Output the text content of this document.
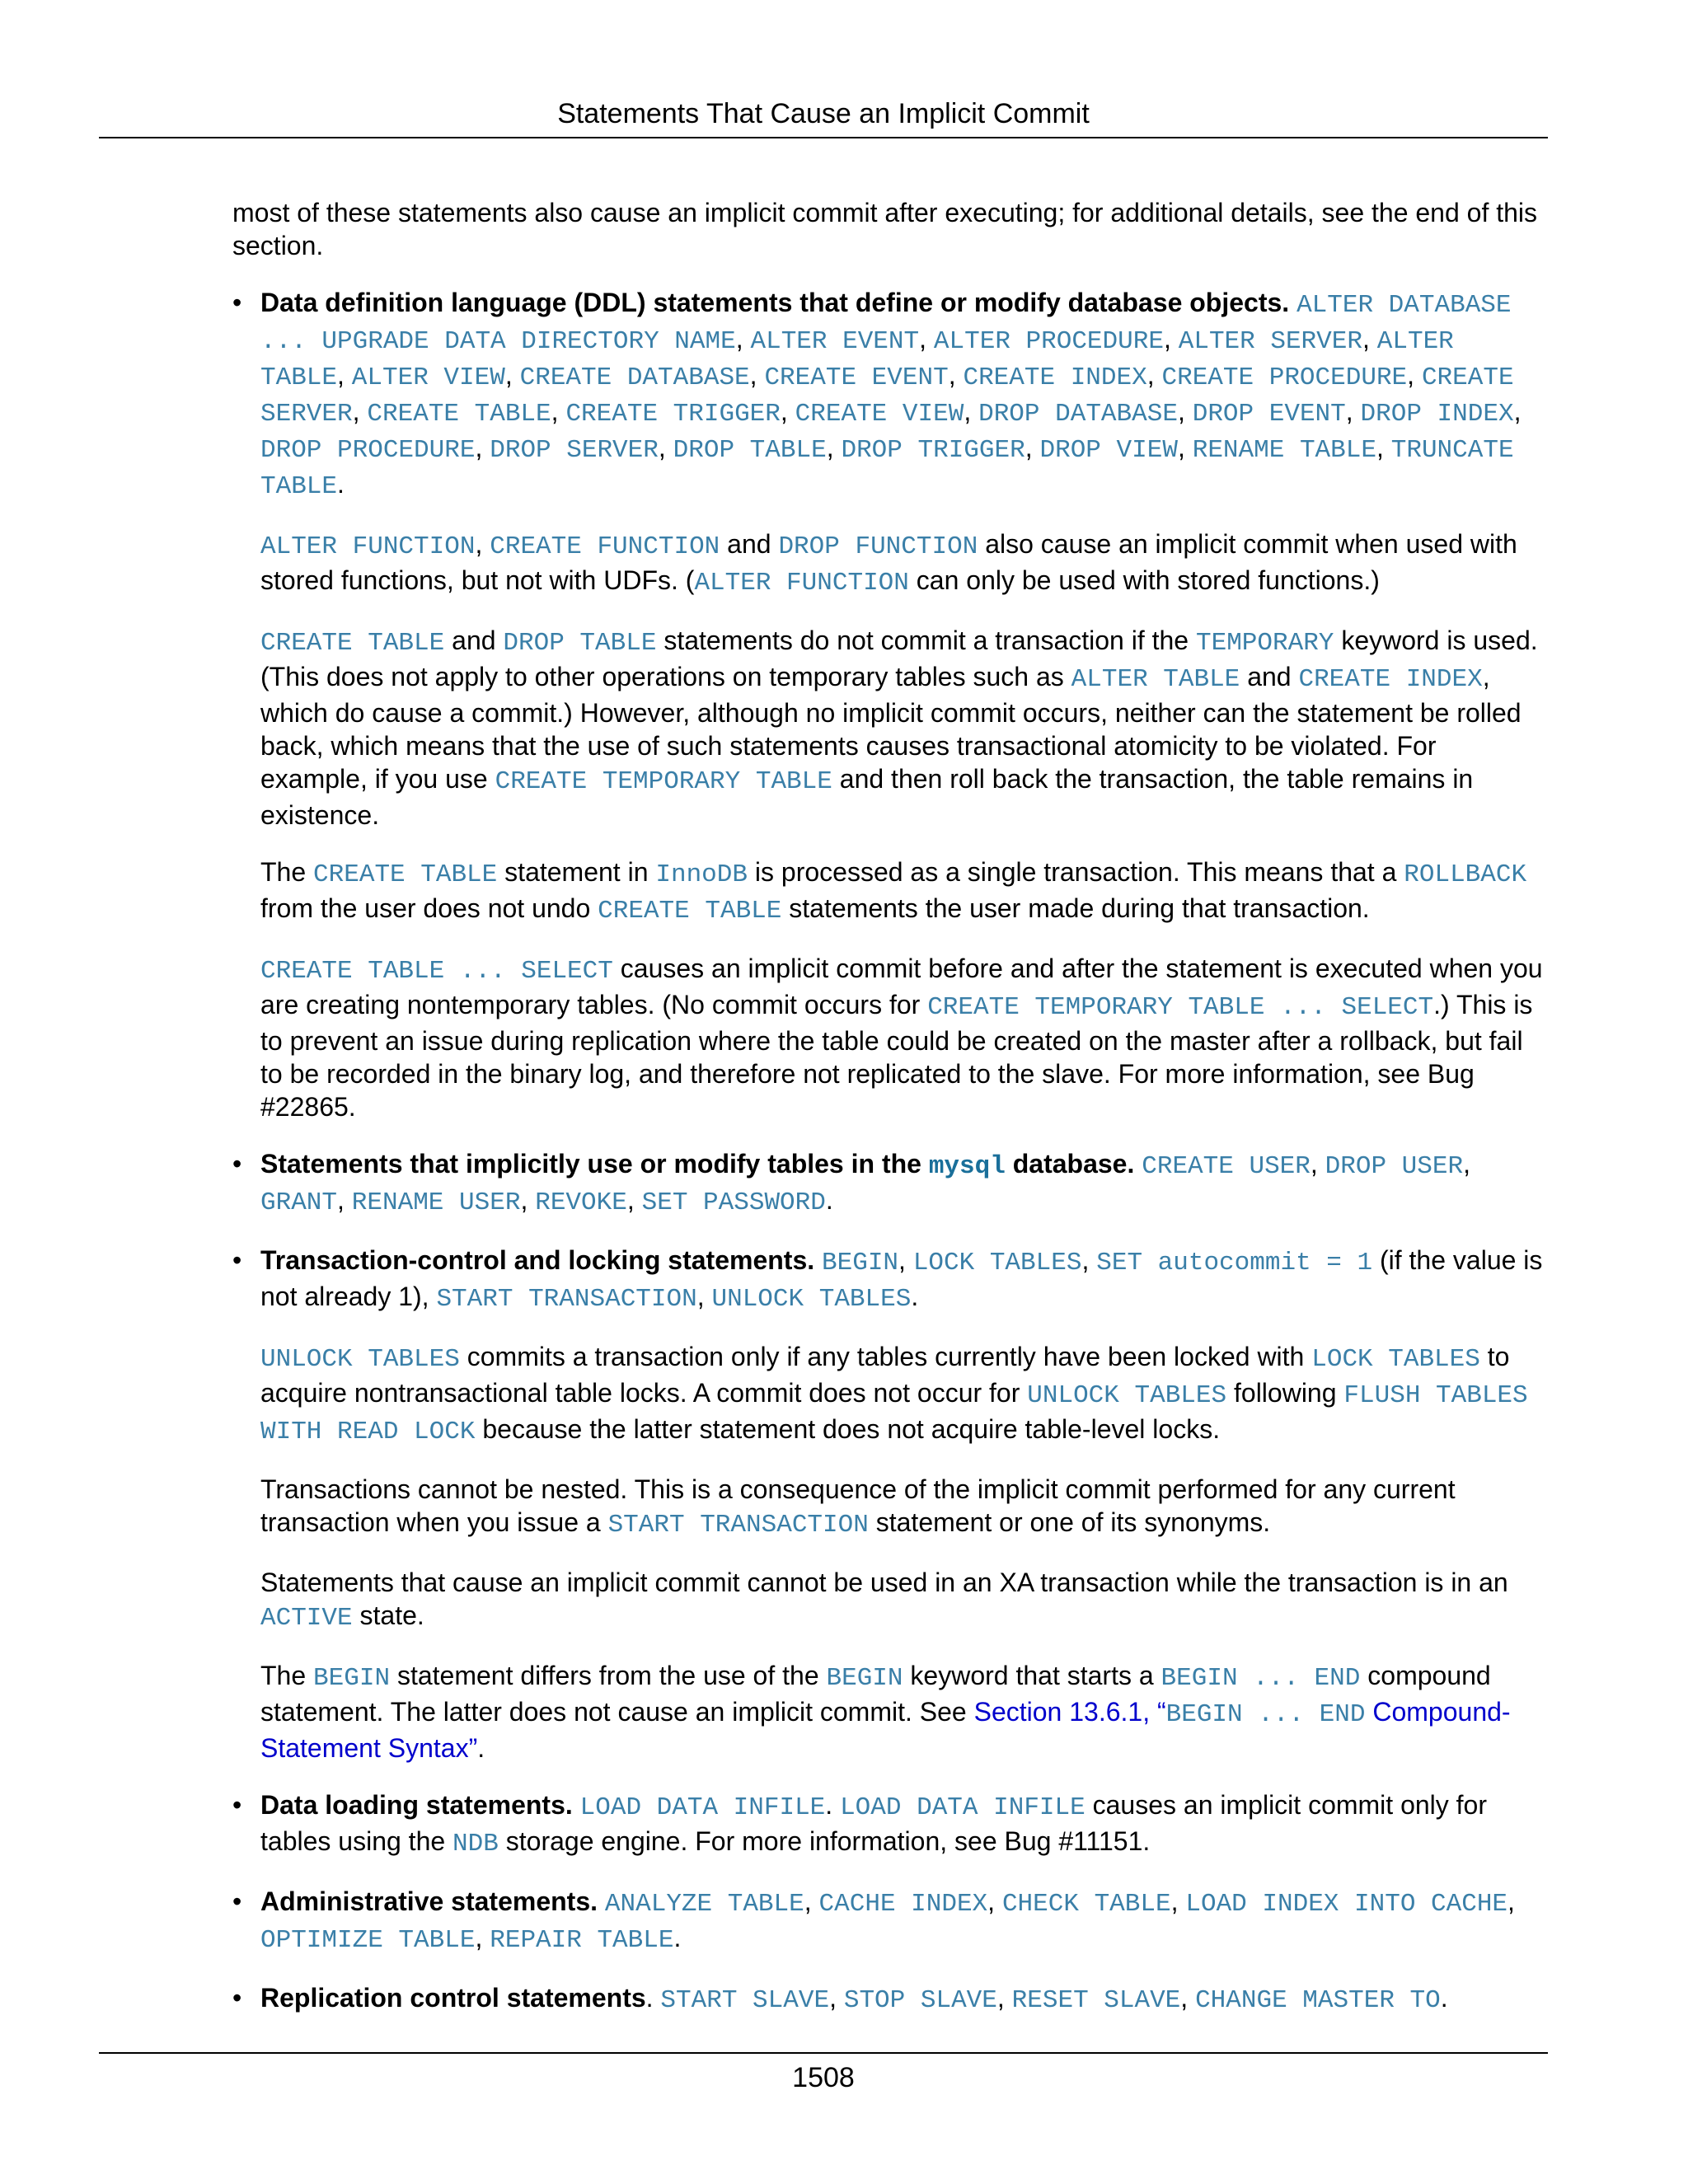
Statements That Cause an Implicit Commit

most of these statements also cause an implicit commit after executing; for additional details, see the end of this section.

• Data definition language (DDL) statements that define or modify database objects. ALTER DATABASE ... UPGRADE DATA DIRECTORY NAME, ALTER EVENT, ALTER PROCEDURE, ALTER SERVER, ALTER TABLE, ALTER VIEW, CREATE DATABASE, CREATE EVENT, CREATE INDEX, CREATE PROCEDURE, CREATE SERVER, CREATE TABLE, CREATE TRIGGER, CREATE VIEW, DROP DATABASE, DROP EVENT, DROP INDEX, DROP PROCEDURE, DROP SERVER, DROP TABLE, DROP TRIGGER, DROP VIEW, RENAME TABLE, TRUNCATE TABLE.

ALTER FUNCTION, CREATE FUNCTION and DROP FUNCTION also cause an implicit commit when used with stored functions, but not with UDFs. (ALTER FUNCTION can only be used with stored functions.)

CREATE TABLE and DROP TABLE statements do not commit a transaction if the TEMPORARY keyword is used. (This does not apply to other operations on temporary tables such as ALTER TABLE and CREATE INDEX, which do cause a commit.) However, although no implicit commit occurs, neither can the statement be rolled back, which means that the use of such statements causes transactional atomicity to be violated. For example, if you use CREATE TEMPORARY TABLE and then roll back the transaction, the table remains in existence.

The CREATE TABLE statement in InnoDB is processed as a single transaction. This means that a ROLLBACK from the user does not undo CREATE TABLE statements the user made during that transaction.

CREATE TABLE ... SELECT causes an implicit commit before and after the statement is executed when you are creating nontemporary tables. (No commit occurs for CREATE TEMPORARY TABLE ... SELECT.) This is to prevent an issue during replication where the table could be created on the master after a rollback, but fail to be recorded in the binary log, and therefore not replicated to the slave. For more information, see Bug #22865.

• Statements that implicitly use or modify tables in the mysql database. CREATE USER, DROP USER, GRANT, RENAME USER, REVOKE, SET PASSWORD.

• Transaction-control and locking statements. BEGIN, LOCK TABLES, SET autocommit = 1 (if the value is not already 1), START TRANSACTION, UNLOCK TABLES.

UNLOCK TABLES commits a transaction only if any tables currently have been locked with LOCK TABLES to acquire nontransactional table locks. A commit does not occur for UNLOCK TABLES following FLUSH TABLES WITH READ LOCK because the latter statement does not acquire table-level locks.

Transactions cannot be nested. This is a consequence of the implicit commit performed for any current transaction when you issue a START TRANSACTION statement or one of its synonyms.

Statements that cause an implicit commit cannot be used in an XA transaction while the transaction is in an ACTIVE state.

The BEGIN statement differs from the use of the BEGIN keyword that starts a BEGIN ... END compound statement. The latter does not cause an implicit commit. See Section 13.6.1, “BEGIN ... END Compound-Statement Syntax”.

• Data loading statements. LOAD DATA INFILE. LOAD DATA INFILE causes an implicit commit only for tables using the NDB storage engine. For more information, see Bug #11151.

• Administrative statements. ANALYZE TABLE, CACHE INDEX, CHECK TABLE, LOAD INDEX INTO CACHE, OPTIMIZE TABLE, REPAIR TABLE.

• Replication control statements. START SLAVE, STOP SLAVE, RESET SLAVE, CHANGE MASTER TO.

1508
